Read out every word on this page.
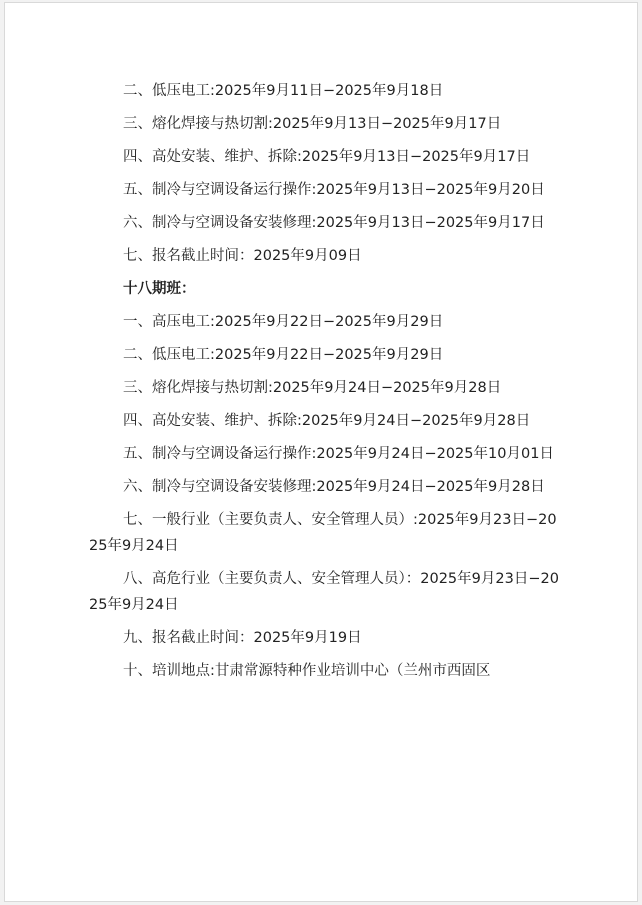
二、低压电工:2025年9月11日−2025年9月18日

三、熔化焊接与热切割:2025年9月13日−2025年9月17日

四、高处安装、维护、拆除:2025年9月13日−2025年9月17日

五、制冷与空调设备运行操作:2025年9月13日−2025年9月20日

六、制冷与空调设备安装修理:2025年9月13日−2025年9月17日

七、报名截止时间：2025年9月09日

十八期班：

一、高压电工:2025年9月22日−2025年9月29日

二、低压电工:2025年9月22日−2025年9月29日

三、熔化焊接与热切割:2025年9月24日−2025年9月28日

四、高处安装、维护、拆除:2025年9月24日−2025年9月28日

五、制冷与空调设备运行操作:2025年9月24日−2025年10月01日

六、制冷与空调设备安装修理:2025年9月24日−2025年9月28日

七、一般行业（主要负责人、安全管理人员）:2025年9月23日−2025年9月24日

八、高危行业（主要负责人、安全管理人员）：2025年9月23日−2025年9月24日

九、报名截止时间：2025年9月19日

十、培训地点:甘肃常源特种作业培训中心（兰州市西固区
